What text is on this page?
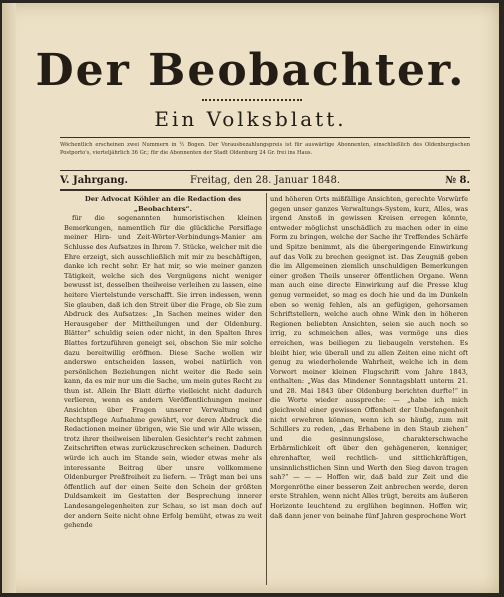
Der Beobachter.
Ein Volksblatt.
Wöchentlich erscheinen zwei Nummern in ½ Bogen. Der Vorausbezahlungspreis ist für auswärtige Abonnenten, einschließlich des Oldenburgischen Postporto's, vierteljährlich 36 Gr.; für die Abonnenten der Stadt Oldenburg 24 Gr. frei ins Haus.
V. Jahrgang.	Freitag, den 28. Januar 1848.	№ 8.
Der Advocat Köhler an die Redaction des „Beobachters“.

für die sogenannten humoristischen kleinen Bemerkungen, namentlich für die glückliche Persiflage meiner Hirn- und Zeit-Wörter-Verbindungs-Manier am Schlusse des Aufsatzes in Ihrem 7. Stücke, welcher mit die Ehre erzeigt, sich ausschließlich mit mir zu beschäftigen, danke ich recht sehr. Er hat mir, so wie meiner ganzen Tätigkeit, welche sich des Vergnügens nicht weniger bewusst ist, desselben theilweise verleihen zu lassen, eine heitere Viertelstunde verschafft. Sie irren indessen, wenn Sie glauben, daß ich den Streit über die Frage, ob Sie zum Abdruck des Aufsatzes: „In Sachen meines wider den Herausgeber der Mittheilungen und der Oldenburg. Blätter“ schuldig seien oder nicht, in den Spalten Ihres Blattes fortzuführen geneigt sei, obschon Sie mir solche dazu bereitwillig eröffnen. Diese Sache wollen wir anderswo entscheiden lassen, wobei natürlich von persönlichen Beziehungen nicht weiter die Rede sein kann, da es mir nur um die Sache, um mein gutes Recht zu thun ist. Allein Ihr Blatt dürfte vielleicht nicht dadurch verlieren, wenn es andern Veröffentlichungen meiner Ansichten über Fragen unserer Verwaltung und Rechtspflege Aufnahme gewährt, vor deren Abdruck die Redactionen meiner übrigen, wie Sie und wir Alle wissen, trotz ihrer theilweisen liberalen Gesichter's recht zahmen Zeitschriften etwas zurückzuschrecken scheinen. Dadurch würde ich auch im Stande sein, wieder etwas mehr als interessante Beitrag über unsre vollkommene Oldenburger Preßfreiheit zu liefern. — Trägt man bei uns öffentlich auf der einen Seite den Schein der größten Duldsamkeit im Gestatten der Besprechung innerer Landesangelegenheiten zur Schau, so ist man doch auf der andern Seite nicht ohne Erfolg bemüht, etwas zu weit gehende

und höheren Orts mißfällige Ansichten, gerechte Vorwürfe gegen unser ganzes Verwaltungs-System, kurz, Alles, was irgend Anstoß in gewissen Kreisen erregen könnte, entweder möglichst unschädlich zu machen oder in eine Form zu bringen, welche der Sache ihr Treffendes Schärfe und Spitze benimmt, als die übergeringende Einwirkung auf das Volk zu brechen geeignet ist. Das Zeugniß geben die im Allgemeinen ziemlich unschuldigen Bemerkungen einer großen Theils unserer öffentlichen Organe. Wenn man auch eine directe Einwirkung auf die Presse klug genug vermeidet, so mag es doch hie und da im Dunkeln eben so wenig fehlen, als an gefügigen, gehorsamen Schriftstellern, welche auch ohne Wink den in höheren Regionen beliebten Ansichten, seien sie auch noch so irrig, zu schmeichen alles, was vermöge uns dies erreichen, was beiliegen zu liebaugeln verstehen. Es bleibt hier, wie überall und zu allen Zeiten eine nicht oft genug zu wiederholende Wahrheit, welche ich in dem Vorwort meiner kleinen Flugschrift vom Jahre 1843, enthalten: „Was das Mindener Sonntagsblatt unterm 21. und 28. Mai 1843 über Oldenburg berichten durfte!“ in die Worte wieder ausspreche: — „habe ich mich gleichwohl einer gewissen Offenheit der Unbefangenheit nicht erwehren können, wenn ich so häufig, zum mit Schillers zu reden, „das Erhabene in den Staub ziehen“ und die gesinnungslose, charakterschwache Erbärmlichkeit oft über den gehägeneren, kenniger, ehrenhafter, weil rechtlich- und sittlichkräftigen, unsinnlichstlichen Sinn und Werth den Sieg davon tragen sah?“ — — — Hoffen wir, daß bald zur Zeit und die Morgenröthe einer besseren Zeit anbrechen werde, deren erste Strahlen, wenn nicht Alles trügt, bereits am äußeren Horizonte leuchtend zu erglühen beginnen. Hoffen wir, daß dann jener von beinahe fünf Jahren gesprochene Wort
